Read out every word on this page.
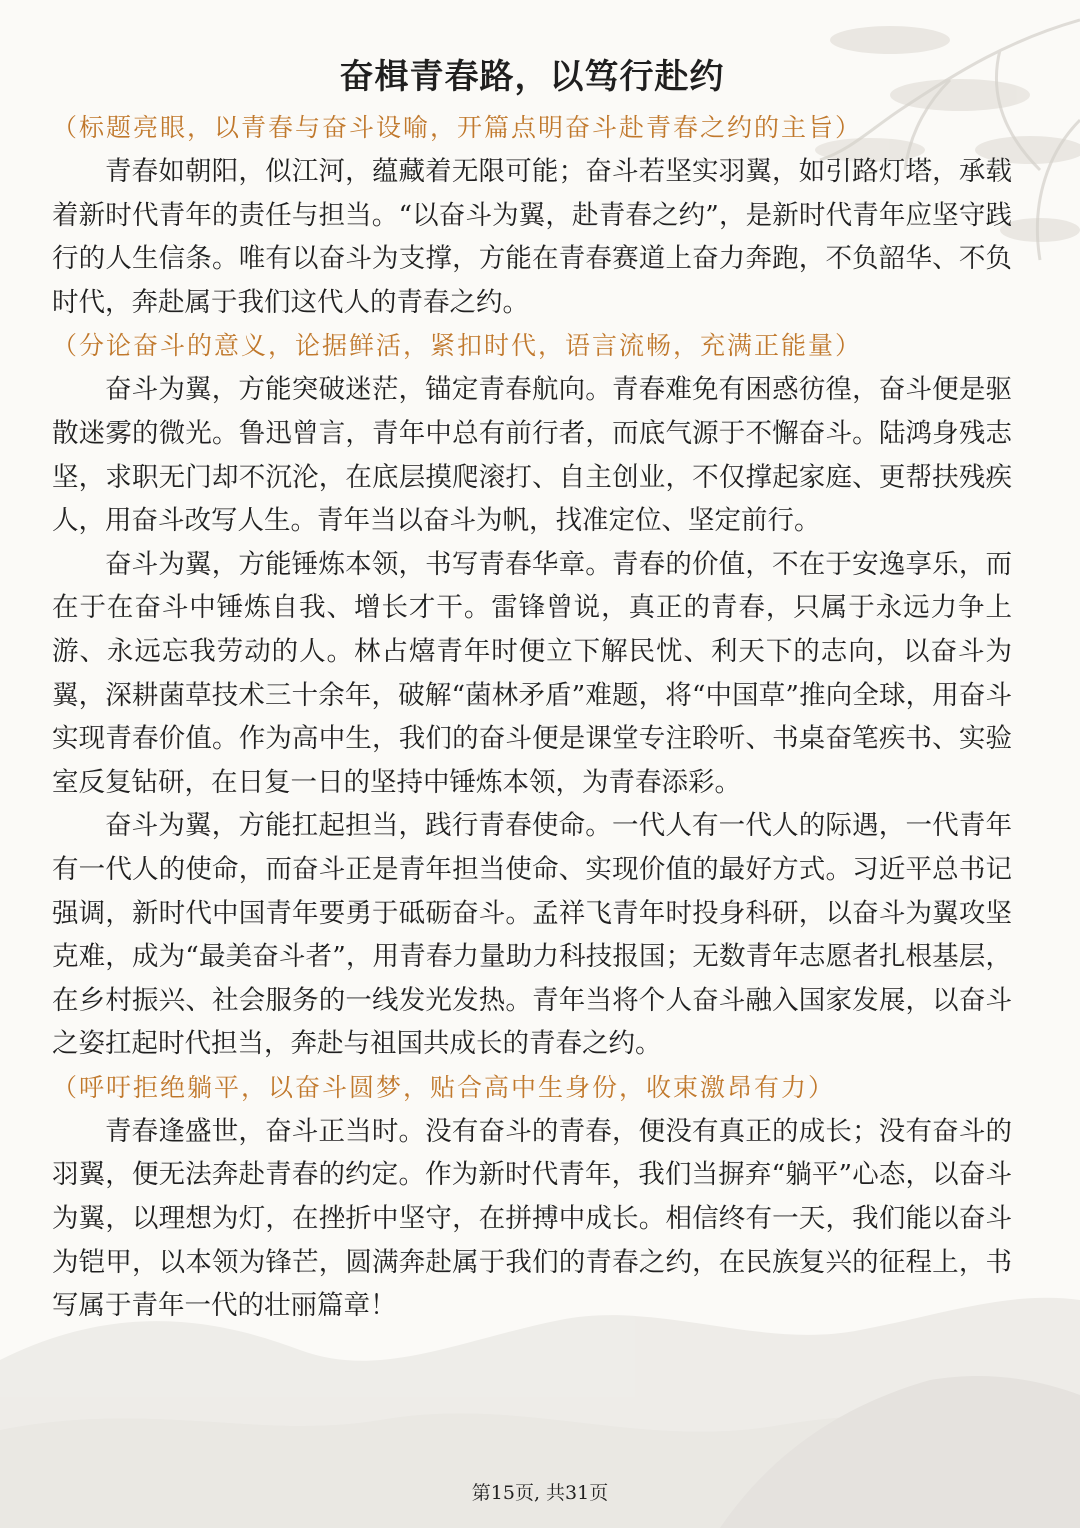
奋楫青春路，以笃行赴约

（标题亮眼，以青春与奋斗设喻，开篇点明奋斗赴青春之约的主旨）

青春如朝阳，似江河，蕴藏着无限可能；奋斗若坚实羽翼，如引路灯塔，承载着新时代青年的责任与担当。“以奋斗为翼，赴青春之约”，是新时代青年应坚守践行的人生信条。唯有以奋斗为支撑，方能在青春赛道上奋力奔跑，不负韶华、不负时代，奔赴属于我们这代人的青春之约。

（分论奋斗的意义，论据鲜活，紧扣时代，语言流畅，充满正能量）

奋斗为翼，方能突破迷茫，锚定青春航向。青春难免有困惑彷徨，奋斗便是驱散迷雾的微光。鲁迅曾言，青年中总有前行者，而底气源于不懈奋斗。陆鸿身残志坚，求职无门却不沉沦，在底层摸爬滚打、自主创业，不仅撑起家庭、更帮扶残疾人，用奋斗改写人生。青年当以奋斗为帆，找准定位、坚定前行。

奋斗为翼，方能锤炼本领，书写青春华章。青春的价值，不在于安逸享乐，而在于在奋斗中锤炼自我、增长才干。雷锋曾说，真正的青春，只属于永远力争上游、永远忘我劳动的人。林占熺青年时便立下解民忧、利天下的志向，以奋斗为翼，深耕菌草技术三十余年，破解“菌林矛盾”难题，将“中国草”推向全球，用奋斗实现青春价值。作为高中生，我们的奋斗便是课堂专注聆听、书桌奋笔疾书、实验室反复钻研，在日复一日的坚持中锤炼本领，为青春添彩。

奋斗为翼，方能扛起担当，践行青春使命。一代人有一代人的际遇，一代青年有一代人的使命，而奋斗正是青年担当使命、实现价值的最好方式。习近平总书记强调，新时代中国青年要勇于砥砺奋斗。孟祥飞青年时投身科研，以奋斗为翼攻坚克难，成为“最美奋斗者”，用青春力量助力科技报国；无数青年志愿者扎根基层，在乡村振兴、社会服务的一线发光发热。青年当将个人奋斗融入国家发展，以奋斗之姿扛起时代担当，奔赴与祖国共成长的青春之约。

（呼吁拒绝躺平，以奋斗圆梦，贴合高中生身份，收束激昂有力）

青春逢盛世，奋斗正当时。没有奋斗的青春，便没有真正的成长；没有奋斗的羽翼，便无法奔赴青春的约定。作为新时代青年，我们当摒弃“躺平”心态，以奋斗为翼，以理想为灯，在挫折中坚守，在拼搏中成长。相信终有一天，我们能以奋斗为铠甲，以本领为锋芒，圆满奔赴属于我们的青春之约，在民族复兴的征程上，书写属于青年一代的壮丽篇章！

第15页, 共31页
